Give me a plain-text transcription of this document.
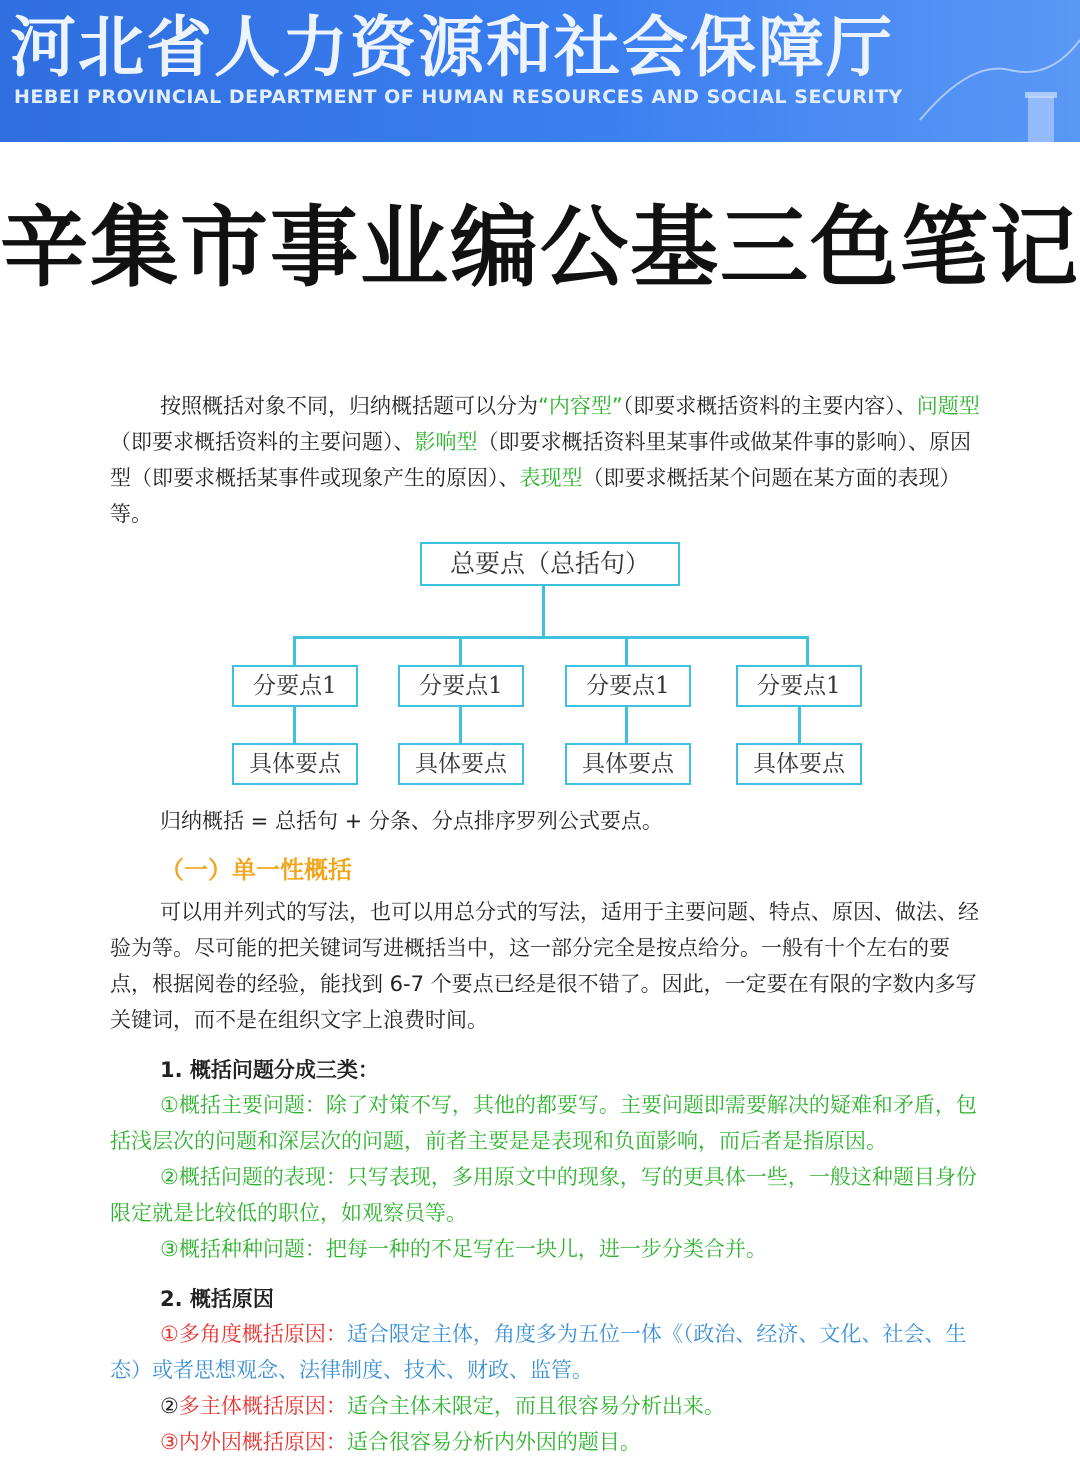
河北省人力资源和社会保障厅
HEBEI PROVINCIAL DEPARTMENT OF HUMAN RESOURCES AND SOCIAL SECURITY
辛集市事业编公基三色笔记
按照概括对象不同，归纳概括题可以分为“内容型”（即要求概括资料的主要内容）、问题型（即要求概括资料的主要问题）、影响型（即要求概括资料里某事件或做某件事的影响）、原因型（即要求概括某事件或现象产生的原因）、表现型（即要求概括某个问题在某方面的表现）等。
总要点（总括句）
分要点1	分要点1	分要点1	分要点1
具体要点	具体要点	具体要点	具体要点
归纳概括 = 总括句 + 分条、分点排序罗列公式要点。
（一）单一性概括
可以用并列式的写法，也可以用总分式的写法，适用于主要问题、特点、原因、做法、经验为等。尽可能的把关键词写进概括当中，这一部分完全是按点给分。一般有十个左右的要点，根据阅卷的经验，能找到 6-7 个要点已经是很不错了。因此，一定要在有限的字数内多写关键词，而不是在组织文字上浪费时间。
1. 概括问题分成三类：
①概括主要问题：除了对策不写，其他的都要写。主要问题即需要解决的疑难和矛盾，包括浅层次的问题和深层次的问题，前者主要是是表现和负面影响，而后者是指原因。
②概括问题的表现：只写表现，多用原文中的现象，写的更具体一些，一般这种题目身份限定就是比较低的职位，如观察员等。
③概括种种问题：把每一种的不足写在一块儿，进一步分类合并。
2. 概括原因
①多角度概括原因：适合限定主体，角度多为五位一体《（政治、经济、文化、社会、生态）或者思想观念、法律制度、技术、财政、监管。
②多主体概括原因：适合主体未限定，而且很容易分析出来。
③内外因概括原因：适合很容易分析内外因的题目。
